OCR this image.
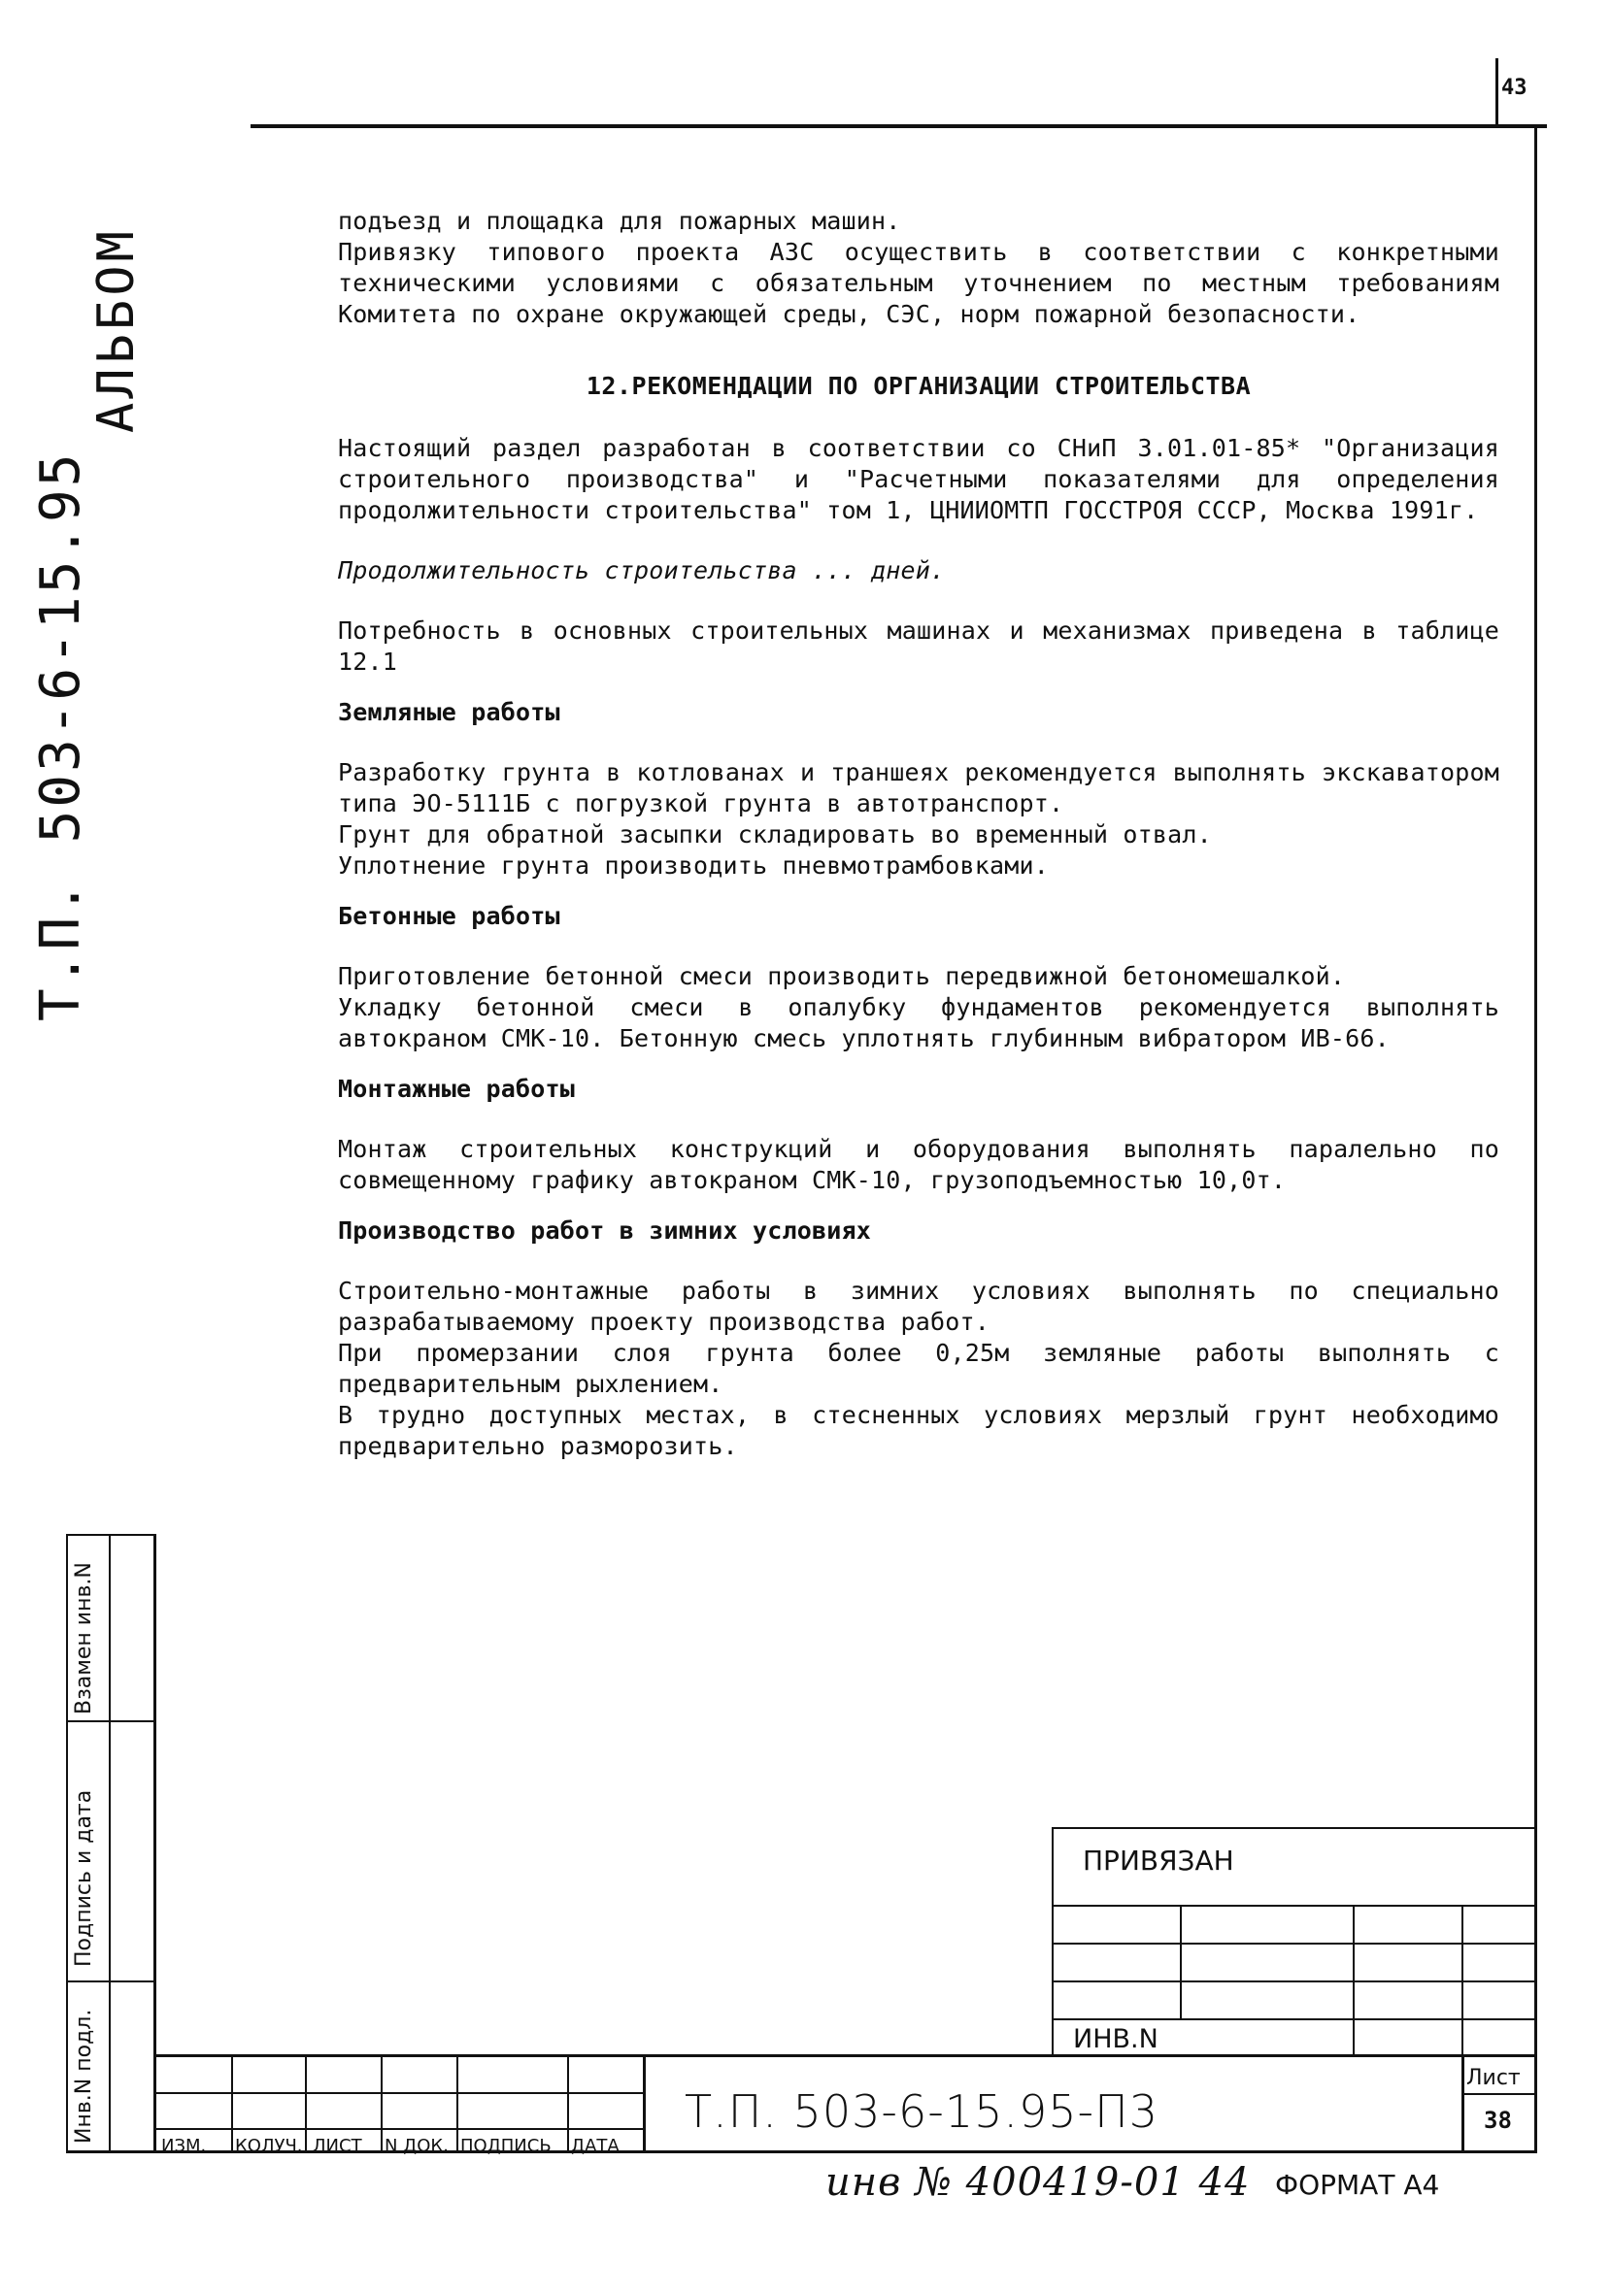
43
АЛЬБОМ
Т.П. 503-6-15.95

подъезд и площадка для пожарных машин.

Привязку типового проекта АЗС осуществить в соответствии с конкретными техническими условиями с обязательным уточнением по местным требованиям Комитета по охране окружающей среды, СЭС, норм пожарной безопасности.

12.РЕКОМЕНДАЦИИ ПО ОРГАНИЗАЦИИ СТРОИТЕЛЬСТВА

Настоящий раздел разработан в соответствии со СНиП 3.01.01-85* "Организация строительного производства" и "Расчетными показателями для определения продолжительности строительства" том 1, ЦНИИОМТП ГОССТРОЯ СССР, Москва 1991г.

Продолжительность строительства ... дней.

Потребность в основных строительных машинах и механизмах приведена в таблице 12.1

Земляные работы

Разработку грунта в котлованах и траншеях рекомендуется выполнять экскаватором типа ЭО-5111Б с погрузкой грунта в автотранспорт.

Грунт для обратной засыпки складировать во временный отвал.

Уплотнение грунта производить пневмотрамбовками.

Бетонные работы

Приготовление бетонной смеси производить передвижной бетономешалкой.

Укладку бетонной смеси в опалубку фундаментов рекомендуется выполнять автокраном СМК-10. Бетонную смесь уплотнять глубинным вибратором ИВ-66.

Монтажные работы

Монтаж строительных конструкций и оборудования выполнять паралельно по совмещенному графику автокраном СМК-10, грузоподъемностью 10,0т.

Производство работ в зимних условиях

Строительно-монтажные работы в зимних условиях выполнять по специально разрабатываемому проекту производства работ.

При промерзании слоя грунта более 0,25м земляные работы выполнять с предварительным рыхлением.

В трудно доступных местах, в стесненных условиях мерзлый грунт необходимо предварительно разморозить.

Взамен инв.N
Подпись и дата
Инв.N подл.
ИЗМ. КОЛУЧ. ЛИСТ N ДОК. ПОДПИСЬ ДАТА
Т.П. 503-6-15.95-П3
Лист
38
ПРИВЯЗАН
ИНВ.N
инв № 400419-01 44 ФОРМАТ А4
